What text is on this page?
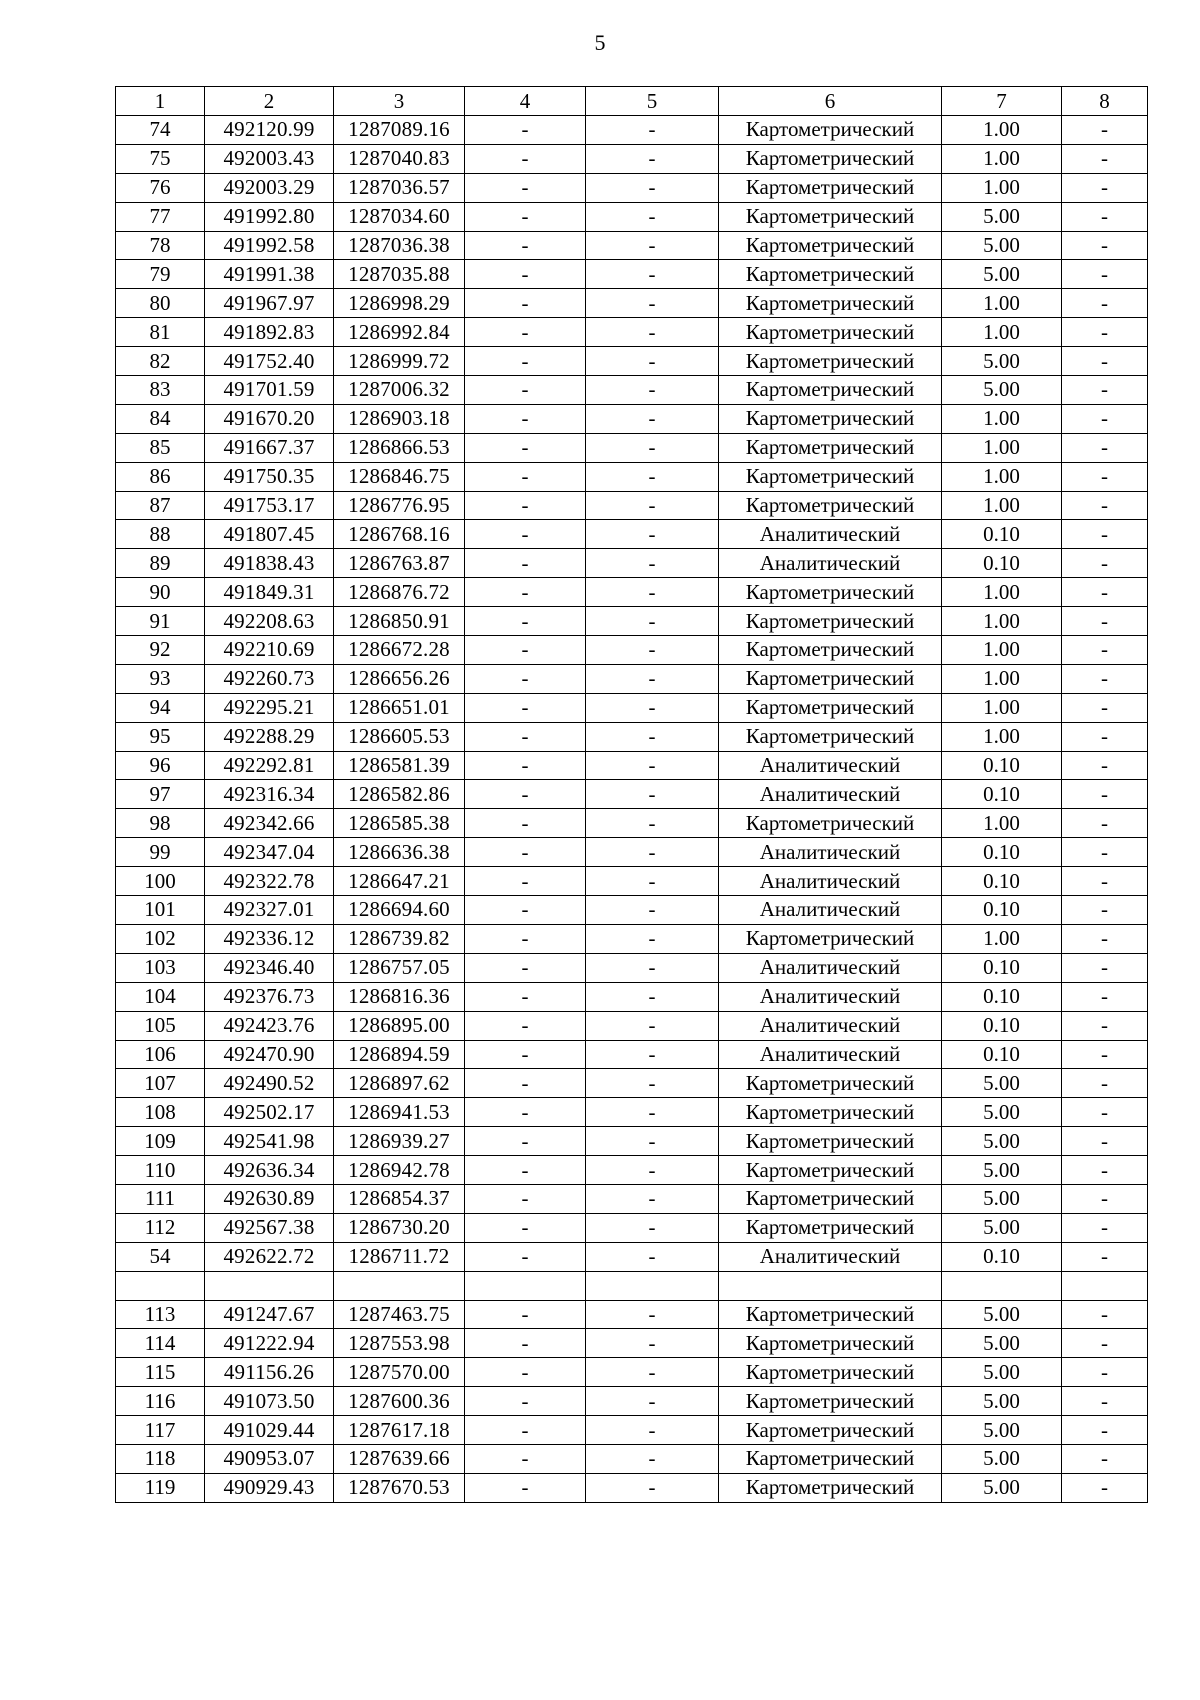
5
1	2	3	4	5	6	7	8
74	492120.99	1287089.16	-	-	Картометрический	1.00	-
75	492003.43	1287040.83	-	-	Картометрический	1.00	-
76	492003.29	1287036.57	-	-	Картометрический	1.00	-
77	491992.80	1287034.60	-	-	Картометрический	5.00	-
78	491992.58	1287036.38	-	-	Картометрический	5.00	-
79	491991.38	1287035.88	-	-	Картометрический	5.00	-
80	491967.97	1286998.29	-	-	Картометрический	1.00	-
81	491892.83	1286992.84	-	-	Картометрический	1.00	-
82	491752.40	1286999.72	-	-	Картометрический	5.00	-
83	491701.59	1287006.32	-	-	Картометрический	5.00	-
84	491670.20	1286903.18	-	-	Картометрический	1.00	-
85	491667.37	1286866.53	-	-	Картометрический	1.00	-
86	491750.35	1286846.75	-	-	Картометрический	1.00	-
87	491753.17	1286776.95	-	-	Картометрический	1.00	-
88	491807.45	1286768.16	-	-	Аналитический	0.10	-
89	491838.43	1286763.87	-	-	Аналитический	0.10	-
90	491849.31	1286876.72	-	-	Картометрический	1.00	-
91	492208.63	1286850.91	-	-	Картометрический	1.00	-
92	492210.69	1286672.28	-	-	Картометрический	1.00	-
93	492260.73	1286656.26	-	-	Картометрический	1.00	-
94	492295.21	1286651.01	-	-	Картометрический	1.00	-
95	492288.29	1286605.53	-	-	Картометрический	1.00	-
96	492292.81	1286581.39	-	-	Аналитический	0.10	-
97	492316.34	1286582.86	-	-	Аналитический	0.10	-
98	492342.66	1286585.38	-	-	Картометрический	1.00	-
99	492347.04	1286636.38	-	-	Аналитический	0.10	-
100	492322.78	1286647.21	-	-	Аналитический	0.10	-
101	492327.01	1286694.60	-	-	Аналитический	0.10	-
102	492336.12	1286739.82	-	-	Картометрический	1.00	-
103	492346.40	1286757.05	-	-	Аналитический	0.10	-
104	492376.73	1286816.36	-	-	Аналитический	0.10	-
105	492423.76	1286895.00	-	-	Аналитический	0.10	-
106	492470.90	1286894.59	-	-	Аналитический	0.10	-
107	492490.52	1286897.62	-	-	Картометрический	5.00	-
108	492502.17	1286941.53	-	-	Картометрический	5.00	-
109	492541.98	1286939.27	-	-	Картометрический	5.00	-
110	492636.34	1286942.78	-	-	Картометрический	5.00	-
111	492630.89	1286854.37	-	-	Картометрический	5.00	-
112	492567.38	1286730.20	-	-	Картометрический	5.00	-
54	492622.72	1286711.72	-	-	Аналитический	0.10	-

113	491247.67	1287463.75	-	-	Картометрический	5.00	-
114	491222.94	1287553.98	-	-	Картометрический	5.00	-
115	491156.26	1287570.00	-	-	Картометрический	5.00	-
116	491073.50	1287600.36	-	-	Картометрический	5.00	-
117	491029.44	1287617.18	-	-	Картометрический	5.00	-
118	490953.07	1287639.66	-	-	Картометрический	5.00	-
119	490929.43	1287670.53	-	-	Картометрический	5.00	-
